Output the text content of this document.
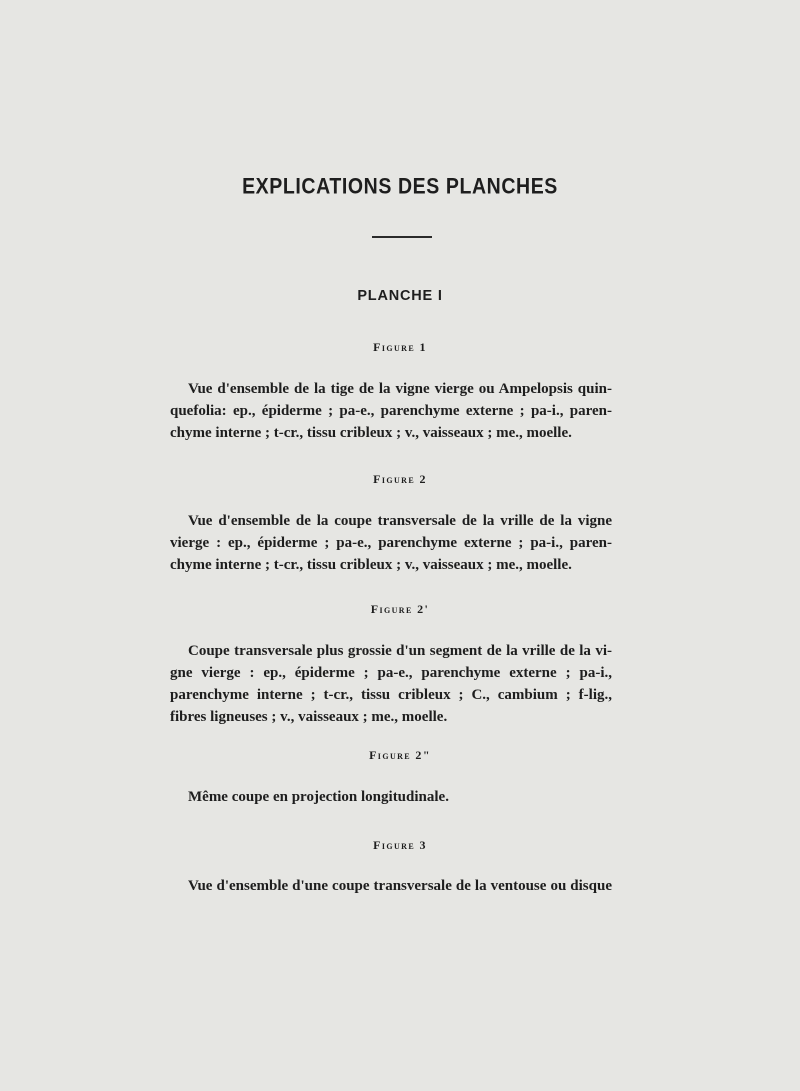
EXPLICATIONS DES PLANCHES
PLANCHE I
Figure 1
Vue d'ensemble de la tige de la vigne vierge ou Ampelopsis quin-
quefolia: ep., épiderme ; pa-e., parenchyme externe ; pa-i., paren-
chyme interne ; t-cr., tissu cribleux ; v., vaisseaux ; me., moelle.
Figure 2
Vue d'ensemble de la coupe transversale de la vrille de la vigne
vierge : ep., épiderme ; pa-e., parenchyme externe ; pa-i., paren-
chyme interne ; t-cr., tissu cribleux ; v., vaisseaux ; me., moelle.
Figure 2'
Coupe transversale plus grossie d'un segment de la vrille de la vi-
gne vierge : ep., épiderme ; pa-e., parenchyme externe ; pa-i.,
parenchyme interne ; t-cr., tissu cribleux ; C., cambium ; f-lig.,
fibres ligneuses ; v., vaisseaux ; me., moelle.
Figure 2"
Même coupe en projection longitudinale.
Figure 3
Vue d'ensemble d'une coupe transversale de la ventouse ou disque
